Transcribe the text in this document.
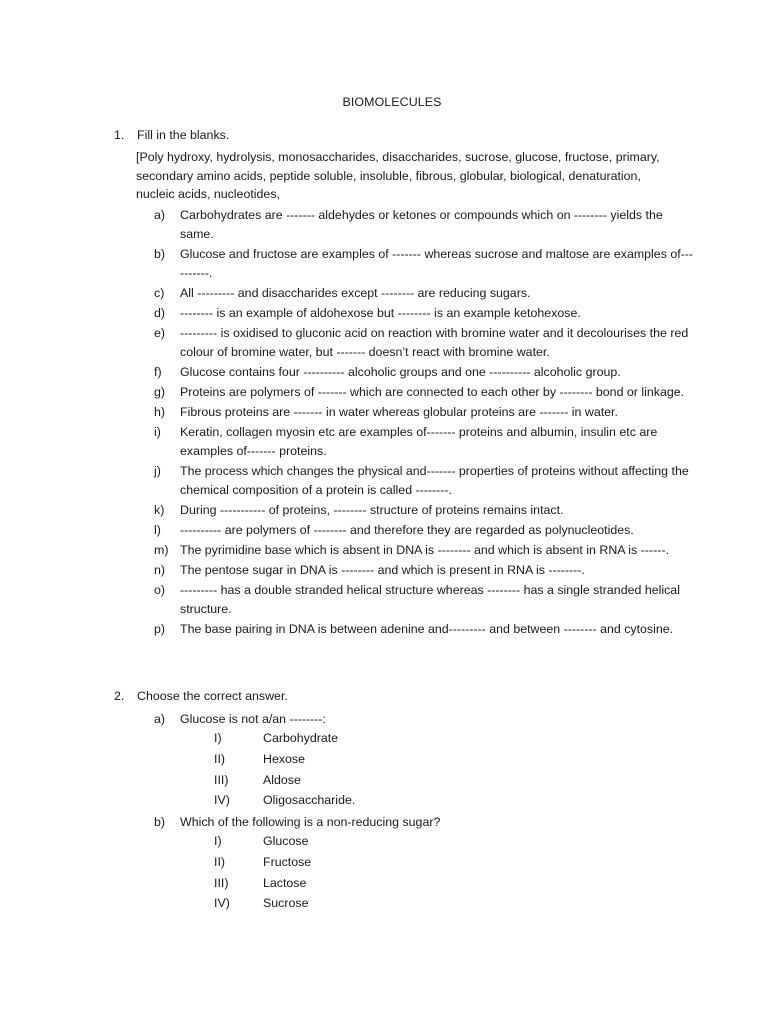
BIOMOLECULES
1. Fill in the blanks.
[Poly hydroxy, hydrolysis, monosaccharides, disaccharides, sucrose, glucose, fructose, primary, secondary amino acids, peptide soluble, insoluble, fibrous, globular, biological, denaturation, nucleic acids, nucleotides,
a)	Carbohydrates are ------- aldehydes or ketones or compounds which on -------- yields the same.
b)	Glucose and fructose are examples of ------- whereas sucrose and maltose are examples of----------.
c)	All --------- and disaccharides except -------- are reducing sugars.
d)	-------- is an example of aldohexose but -------- is an example ketohexose.
e)	--------- is oxidised to gluconic acid on reaction with bromine water and it decolourises the red colour of bromine water, but ------- doesn’t react with bromine water.
f)	Glucose contains four ---------- alcoholic groups and one ---------- alcoholic group.
g)	Proteins are polymers of ------- which are connected to each other by -------- bond or linkage.
h)	Fibrous proteins are ------- in water whereas globular proteins are ------- in water.
i)	Keratin, collagen myosin etc are examples of------- proteins and albumin, insulin etc are examples of------- proteins.
j)	The process which changes the physical and------- properties of proteins without affecting the chemical composition of a protein is called --------.
k)	During ----------- of proteins, -------- structure of proteins remains intact.
l)	---------- are polymers of -------- and therefore they are regarded as polynucleotides.
m) The pyrimidine base which is absent in DNA is -------- and which is absent in RNA is ------.
n)	The pentose sugar in DNA is -------- and which is present in RNA is --------.
o)	--------- has a double stranded helical structure whereas -------- has a single stranded helical structure.
p)	The base pairing in DNA is between adenine and--------- and between -------- and cytosine.
2. Choose the correct answer.
a)	Glucose is not a/an --------:
I)	Carbohydrate
II)	Hexose
III)	Aldose
IV)	Oligosaccharide.
b)	Which of the following is a non-reducing sugar?
I)	Glucose
II)	Fructose
III)	Lactose
IV)	Sucrose
